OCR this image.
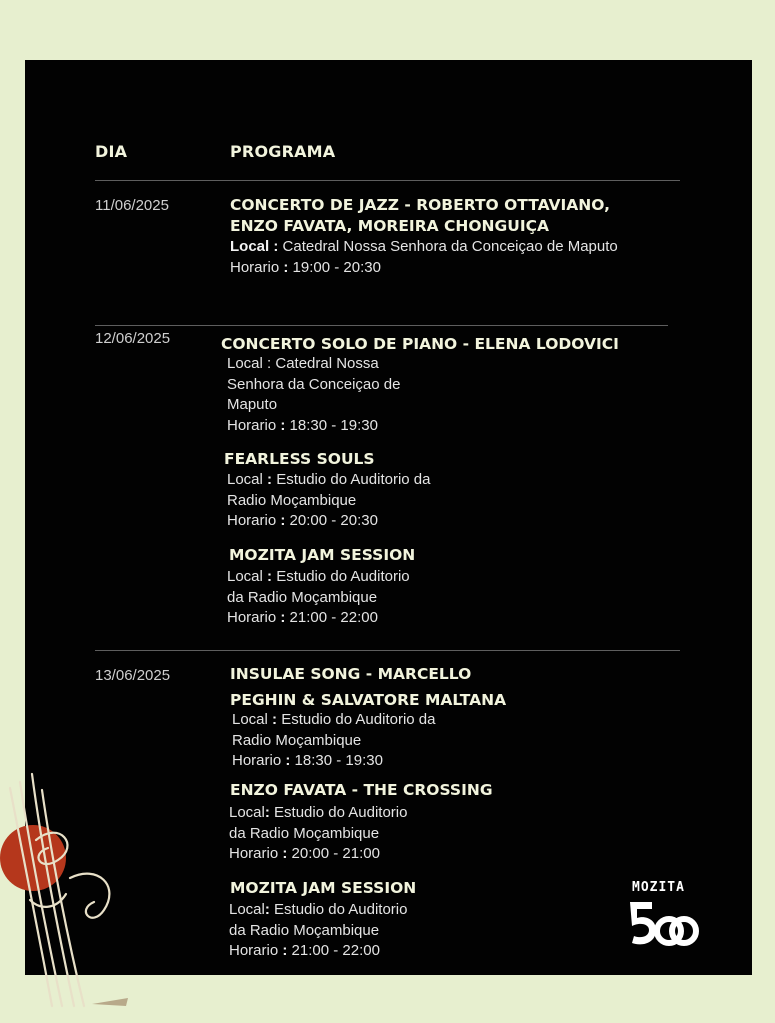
DIA	PROGRAMA
11/06/2025	CONCERTO DE JAZZ - ROBERTO OTTAVIANO,
ENZO FAVATA, MOREIRA CHONGUIÇA
Local : Catedral Nossa Senhora da Conceiçao de Maputo
Horario : 19:00 - 20:30
12/06/2025	CONCERTO SOLO DE PIANO - ELENA LODOVICI
Local : Catedral Nossa
Senhora da Conceiçao de
Maputo
Horario : 18:30 - 19:30
FEARLESS SOULS
Local : Estudio do Auditorio da
Radio Moçambique
Horario : 20:00 - 20:30
MOZITA JAM SESSION
Local : Estudio do Auditorio
da Radio Moçambique
Horario : 21:00 - 22:00
13/06/2025	INSULAE SONG - MARCELLO
PEGHIN & SALVATORE MALTANA
Local : Estudio do Auditorio da
Radio Moçambique
Horario : 18:30 - 19:30
ENZO FAVATA - THE CROSSING
Local: Estudio do Auditorio
da Radio Moçambique
Horario : 20:00 - 21:00
MOZITA JAM SESSION
Local: Estudio do Auditorio
da Radio Moçambique
Horario : 21:00 - 22:00
MOZITA
